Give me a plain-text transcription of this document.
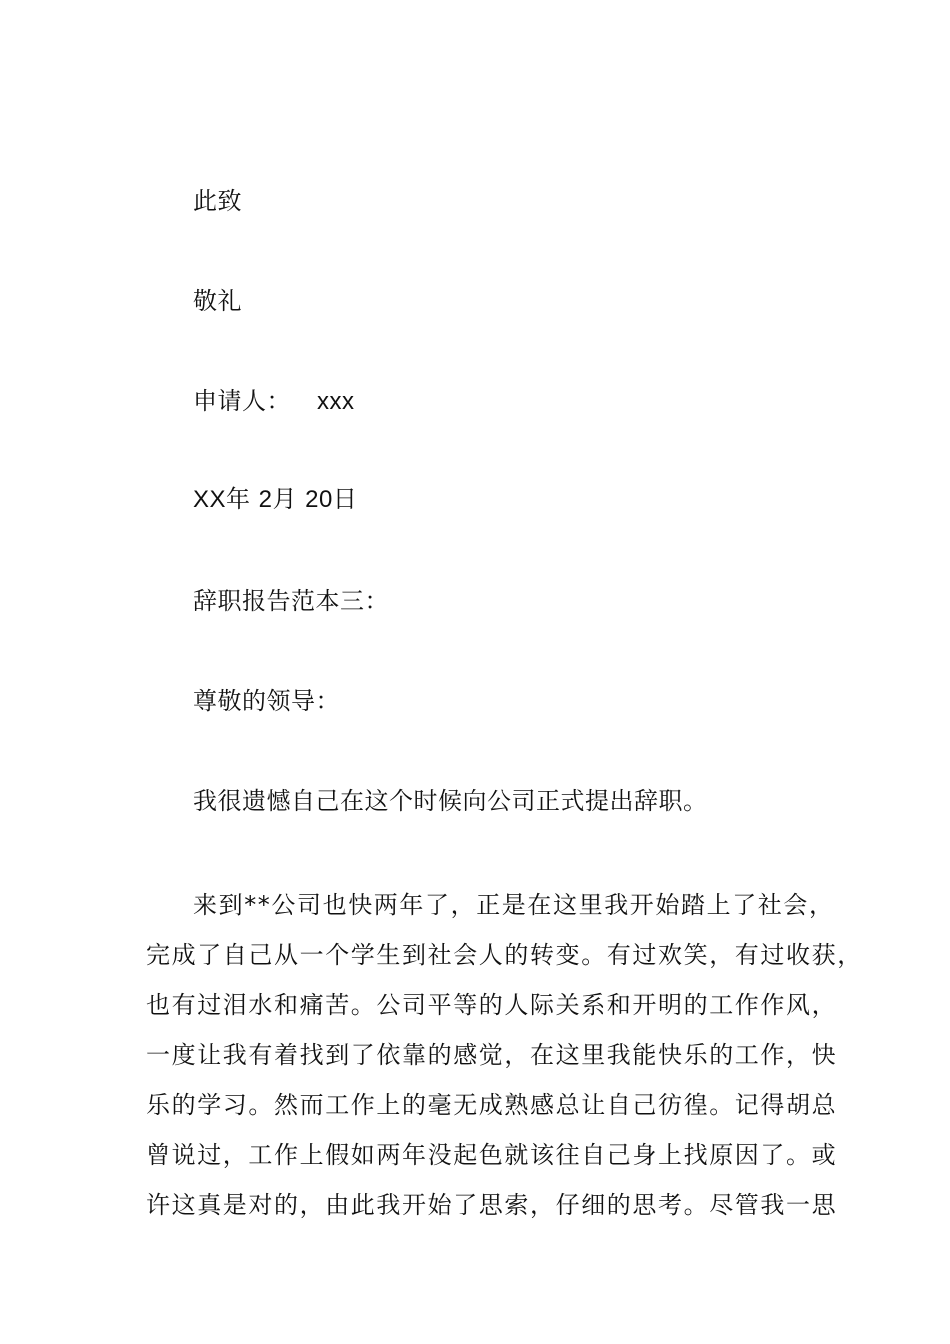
此致
敬礼
申请人： xxx
XX年 2月 20日
辞职报告范本三：
尊敬的领导：
我很遗憾自己在这个时候向公司正式提出辞职。
来到**公司也快两年了，正是在这里我开始踏上了社会，
完成了自己从一个学生到社会人的转变。有过欢笑，有过收获，
也有过泪水和痛苦。公司平等的人际关系和开明的工作作风，
一度让我有着找到了依靠的感觉，在这里我能快乐的工作，快
乐的学习。然而工作上的毫无成熟感总让自己彷徨。记得胡总
曾说过，工作上假如两年没起色就该往自己身上找原因了。或
许这真是对的，由此我开始了思索，仔细的思考。尽管我一思
